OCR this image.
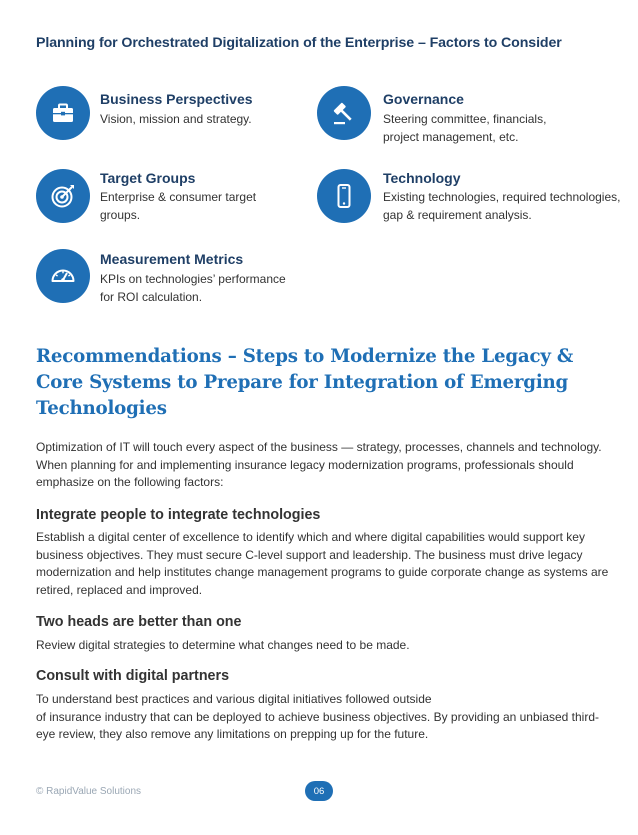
Planning for Orchestrated Digitalization of the Enterprise – Factors to Consider
Business Perspectives
Vision, mission and strategy.
Governance
Steering committee, financials, project management, etc.
Target Groups
Enterprise & consumer target groups.
Technology
Existing technologies, required technologies, gap & requirement analysis.
Measurement Metrics
KPIs on technologies’ performance for ROI calculation.
Recommendations – Steps to Modernize the Legacy & Core Systems to Prepare for Integration of Emerging Technologies
Optimization of IT will touch every aspect of the business — strategy, processes, channels and technology. When planning for and implementing insurance legacy modernization programs, professionals should emphasize on the following factors:
Integrate people to integrate technologies
Establish a digital center of excellence to identify which and where digital capabilities would support key business objectives. They must secure C-level support and leadership. The business must drive legacy modernization and help institutes change management programs to guide corporate change as systems are retired, replaced and improved.
Two heads are better than one
Review digital strategies to determine what changes need to be made.
Consult with digital partners
To understand best practices and various digital initiatives followed outside
of insurance industry that can be deployed to achieve business objectives. By providing an unbiased third-eye review, they also remove any limitations on prepping up for the future.
© RapidValue Solutions	06
